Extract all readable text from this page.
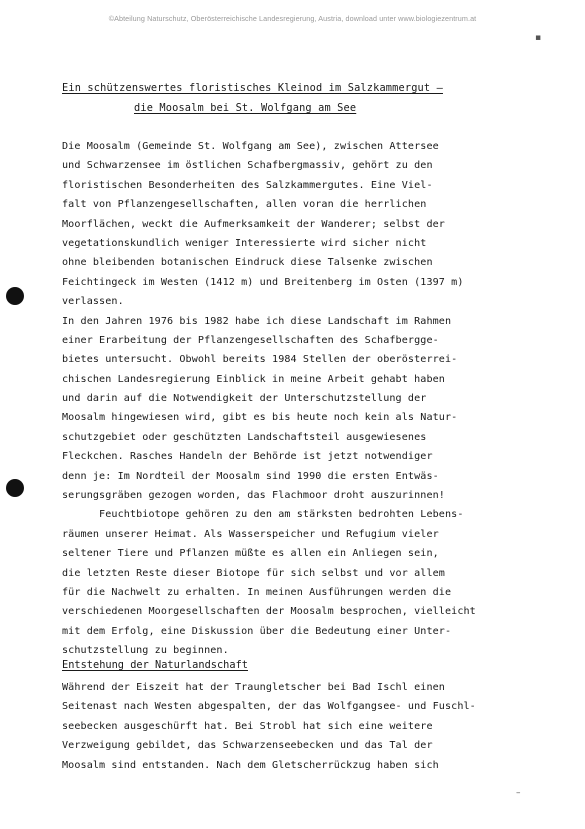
©Abteilung Naturschutz, Oberösterreichische Landesregierung, Austria, download unter www.biologiezentrum.at
▪
Ein schützenswertes floristisches Kleinod im Salzkammergut –
die Moosalm bei St. Wolfgang am See
Die Moosalm (Gemeinde St. Wolfgang am See), zwischen Attersee
und Schwarzensee im östlichen Schafbergmassiv, gehört zu den
floristischen Besonderheiten des Salzkammergutes. Eine Viel-
falt von Pflanzengesellschaften, allen voran die herrlichen
Moorflächen, weckt die Aufmerksamkeit der Wanderer; selbst der
vegetationskundlich weniger Interessierte wird sicher nicht
ohne bleibenden botanischen Eindruck diese Talsenke zwischen
Feichtingeck im Westen (1412 m) und Breitenberg im Osten (1397 m)
verlassen.
In den Jahren 1976 bis 1982 habe ich diese Landschaft im Rahmen
einer Erarbeitung der Pflanzengesellschaften des Schafbergge-
bietes untersucht. Obwohl bereits 1984 Stellen der oberösterrei-
chischen Landesregierung Einblick in meine Arbeit gehabt haben
und darin auf die Notwendigkeit der Unterschutzstellung der
Moosalm hingewiesen wird, gibt es bis heute noch kein als Natur-
schutzgebiet oder geschützten Landschaftsteil ausgewiesenes
Fleckchen. Rasches Handeln der Behörde ist jetzt notwendiger
denn je: Im Nordteil der Moosalm sind 1990 die ersten Entwäs-
serungsgräben gezogen worden, das Flachmoor droht auszurinnen!
Feuchtbiotope gehören zu den am stärksten bedrohten Lebens-
räumen unserer Heimat. Als Wasserspeicher und Refugium vieler
seltener Tiere und Pflanzen müßte es allen ein Anliegen sein,
die letzten Reste dieser Biotope für sich selbst und vor allem
für die Nachwelt zu erhalten. In meinen Ausführungen werden die
verschiedenen Moorgesellschaften der Moosalm besprochen, vielleicht
mit dem Erfolg, eine Diskussion über die Bedeutung einer Unter-
schutzstellung zu beginnen.
Entstehung der Naturlandschaft
Während der Eiszeit hat der Traungletscher bei Bad Ischl einen
Seitenast nach Westen abgespalten, der das Wolfgangsee- und Fuschl-
seebecken ausgeschürft hat. Bei Strobl hat sich eine weitere
Verzweigung gebildet, das Schwarzenseebecken und das Tal der
Moosalm sind entstanden. Nach dem Gletscherrückzug haben sich
–
